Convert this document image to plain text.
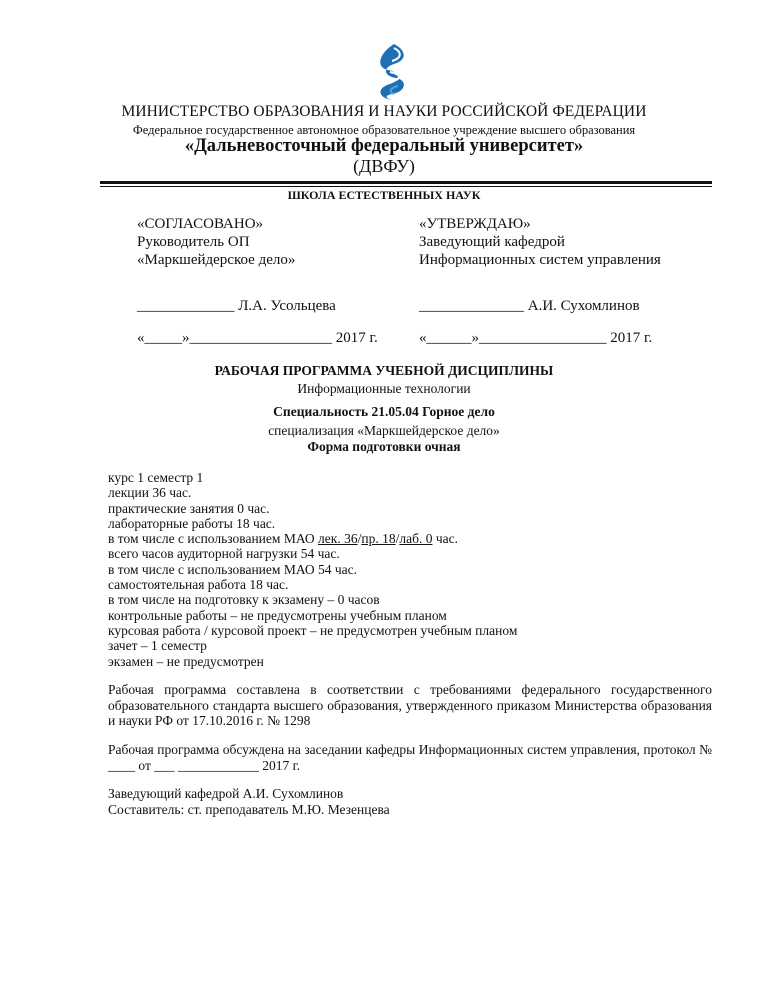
МИНИСТЕРСТВО ОБРАЗОВАНИЯ И НАУКИ РОССИЙСКОЙ ФЕДЕРАЦИИ
Федеральное государственное автономное образовательное учреждение высшего образования
«Дальневосточный федеральный университет»
(ДВФУ)
ШКОЛА ЕСТЕСТВЕННЫХ НАУК
«СОГЛАСОВАНО»
Руководитель ОП
«Маркшейдерское дело»
«УТВЕРЖДАЮ»
Заведующий кафедрой
Информационных систем управления
_____________ Л.А. Усольцева	______________ А.И. Сухомлинов
«_____»___________________ 2017 г.	«______»_________________ 2017 г.
РАБОЧАЯ ПРОГРАММА УЧЕБНОЙ ДИСЦИПЛИНЫ
Информационные технологии
Специальность 21.05.04 Горное дело
специализация «Маркшейдерское дело»
Форма подготовки очная
курс 1 семестр 1
лекции 36 час.
практические занятия 0 час.
лабораторные работы 18 час.
в том числе с использованием МАО лек. 36/пр. 18/лаб. 0 час.
всего часов аудиторной нагрузки 54 час.
в том числе с использованием МАО 54 час.
самостоятельная работа 18 час.
в том числе на подготовку к экзамену – 0 часов
контрольные работы – не предусмотрены учебным планом
курсовая работа / курсовой проект – не предусмотрен учебным планом
зачет – 1 семестр
экзамен – не предусмотрен
Рабочая программа составлена в соответствии с требованиями федерального государственного образовательного стандарта высшего образования, утвержденного приказом Министерства образования и науки РФ от 17.10.2016 г. № 1298
Рабочая программа обсуждена на заседании кафедры Информационных систем управления, протокол № ____ от ___ ____________ 2017 г.
Заведующий кафедрой А.И. Сухомлинов
Составитель: ст. преподаватель М.Ю. Мезенцева
